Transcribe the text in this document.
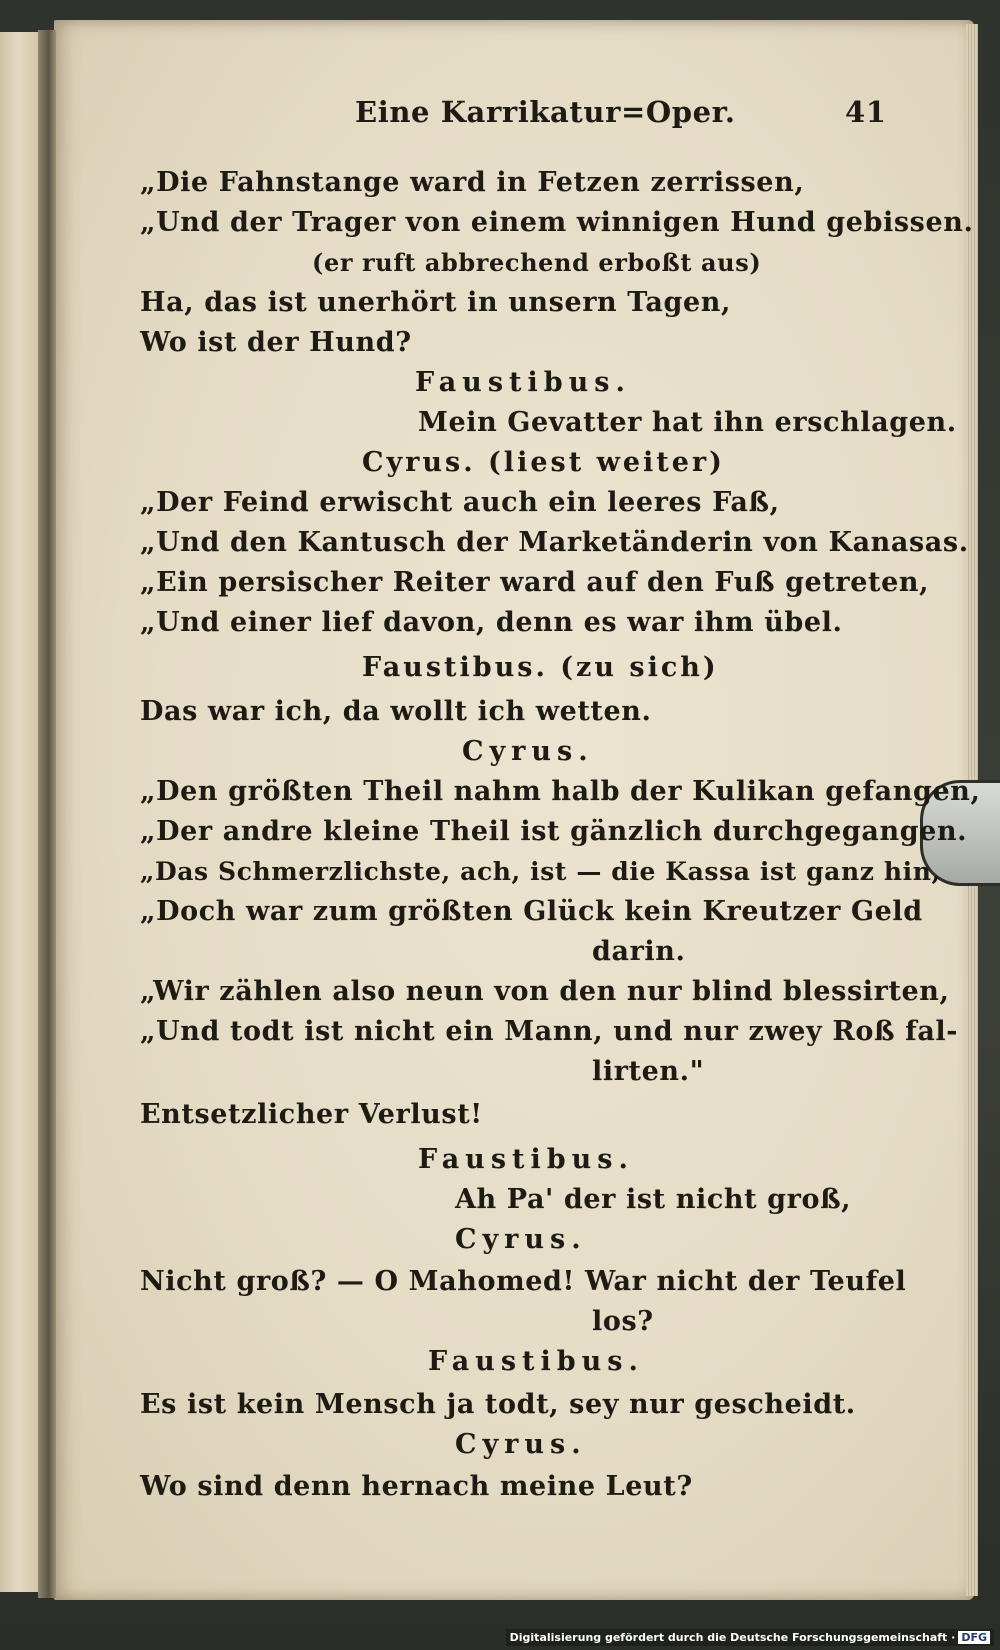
Eine Karrikatur=Oper.	41
„Die Fahnstange ward in Fetzen zerrissen,
„Und der Trager von einem winnigen Hund gebissen.
(er ruft abbrechend erboßt aus)
Ha, das ist unerhört in unsern Tagen,
Wo ist der Hund?
Faustibus.
Mein Gevatter hat ihn erschlagen.
Cyrus. (liest weiter)
„Der Feind erwischt auch ein leeres Faß,
„Und den Kantusch der Marketänderin von Kanasas.
„Ein persischer Reiter ward auf den Fuß getreten,
„Und einer lief davon, denn es war ihm übel.
Faustibus. (zu sich)
Das war ich, da wollt ich wetten.
Cyrus.
„Den größten Theil nahm halb der Kulikan gefangen,
„Der andre kleine Theil ist gänzlich durchgegangen.
„Das Schmerzlichste, ach, ist — die Kassa ist ganz hin,
„Doch war zum größten Glück kein Kreutzer Geld
darin.
„Wir zählen also neun von den nur blind blessirten,
„Und todt ist nicht ein Mann, und nur zwey Roß fal-
lirten."
Entsetzlicher Verlust!
Faustibus.
Ah Pa' der ist nicht groß,
Cyrus.
Nicht groß? — O Mahomed! War nicht der Teufel
los?
Faustibus.
Es ist kein Mensch ja todt, sey nur gescheidt.
Cyrus.
Wo sind denn hernach meine Leut?
Digitalisierung gefördert durch die Deutsche Forschungsgemeinschaft · DFG
